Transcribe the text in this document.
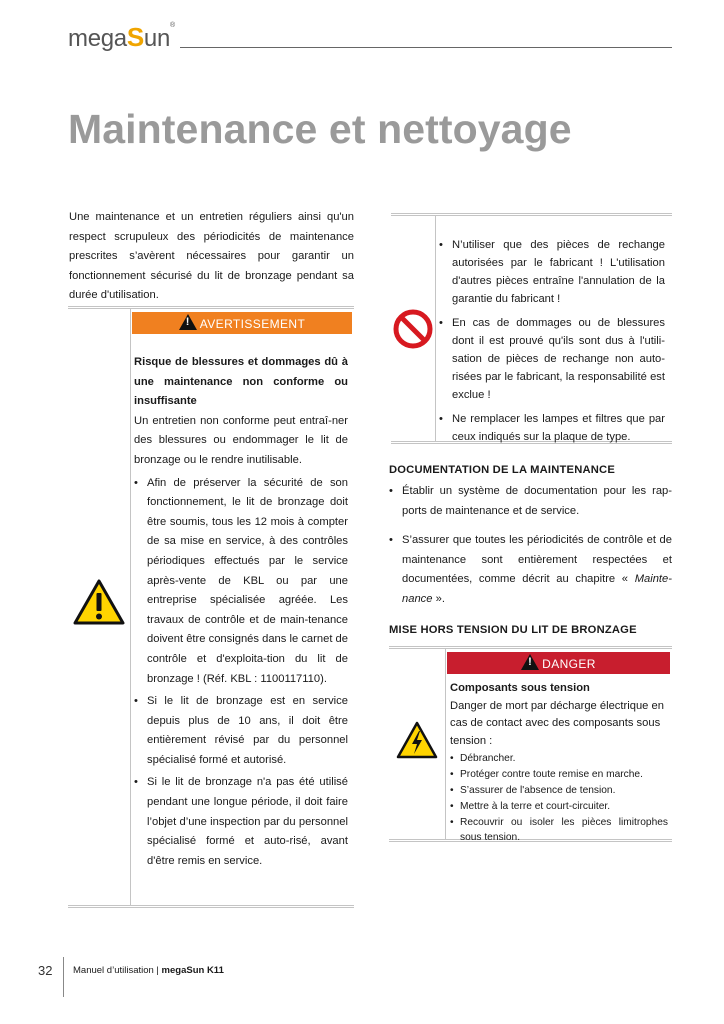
megaSun®
Maintenance et nettoyage
Une maintenance et un entretien réguliers ainsi qu'un respect scrupuleux des périodicités de maintenance prescrites s’avèrent nécessaires pour garantir un fonctionnement sécurisé du lit de bronzage pendant sa durée d'utilisation.
!AVERTISSEMENT
Risque de blessures et dommages dû à une maintenance non conforme ou insuffisante

Un entretien non conforme peut entraî-ner des blessures ou endommager le lit de bronzage ou le rendre inutilisable.

• Afin de préserver la sécurité de son fonctionnement, le lit de bronzage doit être soumis, tous les 12 mois à compter de sa mise en service, à des contrôles périodiques effectués par le service après-vente de KBL ou par une entreprise spécialisée agréée. Les travaux de contrôle et de main-tenance doivent être consignés dans le carnet de contrôle et d'exploita-tion du lit de bronzage ! (Réf. KBL : 1100117110).
• Si le lit de bronzage est en service depuis plus de 10 ans, il doit être entièrement révisé par du personnel spécialisé formé et autorisé.
• Si le lit de bronzage n'a pas été utilisé pendant une longue période, il doit faire l’objet d’une inspection par du personnel spécialisé formé et auto-risé, avant d'être remis en service.
• N’utiliser que des pièces de rechange autorisées par le fabricant ! L'utilisation d'autres pièces entraîne l'annulation de la garantie du fabricant !
• En cas de dommages ou de blessures dont il est prouvé qu'ils sont dus à l'utili-sation de pièces de rechange non auto-risées par le fabricant, la responsabilité est exclue !
• Ne remplacer les lampes et filtres que par ceux indiqués sur la plaque de type.
DOCUMENTATION DE LA MAINTENANCE
• Établir un système de documentation pour les rap-ports de maintenance et de service.
• S’assurer que toutes les périodicités de contrôle et de maintenance sont entièrement respectées et documentées, comme décrit au chapitre « Mainte-nance ».
MISE HORS TENSION DU LIT DE BRONZAGE
!DANGER
Composants sous tension

Danger de mort par décharge électrique en cas de contact avec des composants sous tension :

• Débrancher.
• Protéger contre toute remise en marche.
• S’assurer de l'absence de tension.
• Mettre à la terre et court-circuiter.
• Recouvrir ou isoler les pièces limitrophes sous tension.
32 Manuel d’utilisation | megaSun K11
